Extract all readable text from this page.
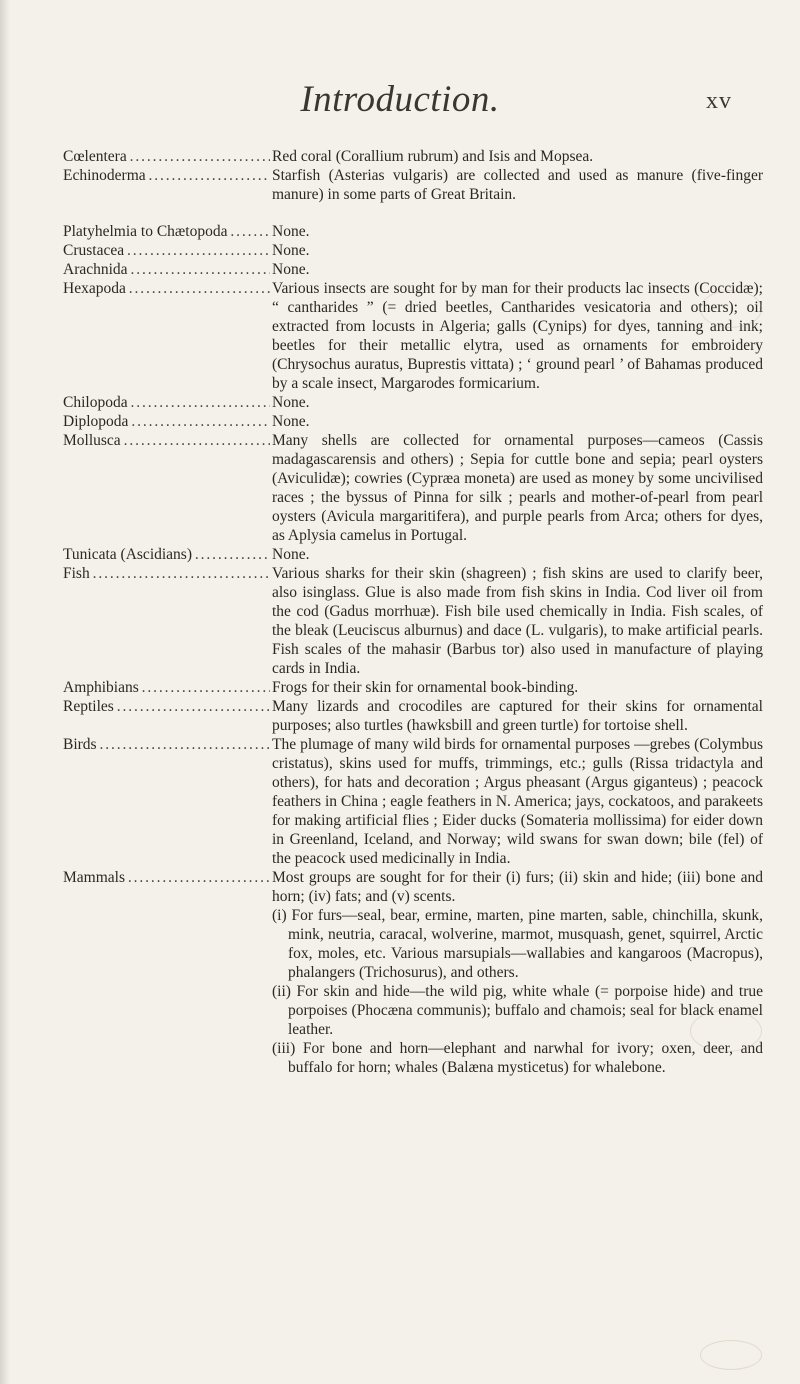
Introduction.	xv
Cœlentera . . .	Red coral (Corallium rubrum) and Isis and Mopsea.

Echinoderma . . .	Starfish (Asterias vulgaris) are collected and used as manure (five-finger manure) in some parts of Great Britain.

Platyhelmia to Chætopoda . . .	None.

Crustacea . . .	None.

Arachnida . . .	None.

Hexapoda . . .	Various insects are sought for by man for their products lac insects (Coccidæ); “ cantharides ” (= dried beetles, Cantharides vesicatoria and others); oil extracted from locusts in Algeria; galls (Cynips) for dyes, tanning and ink; beetles for their metallic elytra, used as ornaments for embroidery (Chrysochus auratus, Buprestis vittata) ; ‘ ground pearl ’ of Bahamas produced by a scale insect, Margarodes formicarium.

Chilopoda . . .	None.

Diplopoda . . .	None.

Mollusca . . .	Many shells are collected for ornamental purposes—cameos (Cassis madagascarensis and others) ; Sepia for cuttle bone and sepia; pearl oysters (Aviculidæ); cowries (Cypræa moneta) are used as money by some uncivilised races ; the byssus of Pinna for silk ; pearls and mother-of-pearl from pearl oysters (Avicula margaritifera), and purple pearls from Arca; others for dyes, as Aplysia camelus in Portugal.

Tunicata (Ascidians) . . .	None.

Fish . . .	Various sharks for their skin (shagreen) ; fish skins are used to clarify beer, also isinglass. Glue is also made from fish skins in India. Cod liver oil from the cod (Gadus morrhuæ). Fish bile used chemically in India. Fish scales, of the bleak (Leuciscus alburnus) and dace (L. vulgaris), to make artificial pearls. Fish scales of the mahasir (Barbus tor) also used in manufacture of playing cards in India.

Amphibians . . .	Frogs for their skin for ornamental book-binding.

Reptiles . . .	Many lizards and crocodiles are captured for their skins for ornamental purposes; also turtles (hawksbill and green turtle) for tortoise shell.

Birds . . .	The plumage of many wild birds for ornamental purposes —grebes (Colymbus cristatus), skins used for muffs, trimmings, etc.; gulls (Rissa tridactyla and others), for hats and decoration ; Argus pheasant (Argus giganteus) ; peacock feathers in China ; eagle feathers in N. America; jays, cockatoos, and parakeets for making artificial flies ; Eider ducks (Somateria mollissima) for eider down in Greenland, Iceland, and Norway; wild swans for swan down; bile (fel) of the peacock used medicinally in India.

Mammals . . .	Most groups are sought for for their (i) furs; (ii) skin and hide; (iii) bone and horn; (iv) fats; and (v) scents.

(i) For furs—seal, bear, ermine, marten, pine marten, sable, chinchilla, skunk, mink, neutria, caracal, wolverine, marmot, musquash, genet, squirrel, Arctic fox, moles, etc. Various marsupials—wallabies and kangaroos (Macropus), phalangers (Trichosurus), and others.

(ii) For skin and hide—the wild pig, white whale (= porpoise hide) and true porpoises (Phocæna communis); buffalo and chamois; seal for black enamel leather.

(iii) For bone and horn—elephant and narwhal for ivory; oxen, deer, and buffalo for horn; whales (Balæna mysticetus) for whalebone.
